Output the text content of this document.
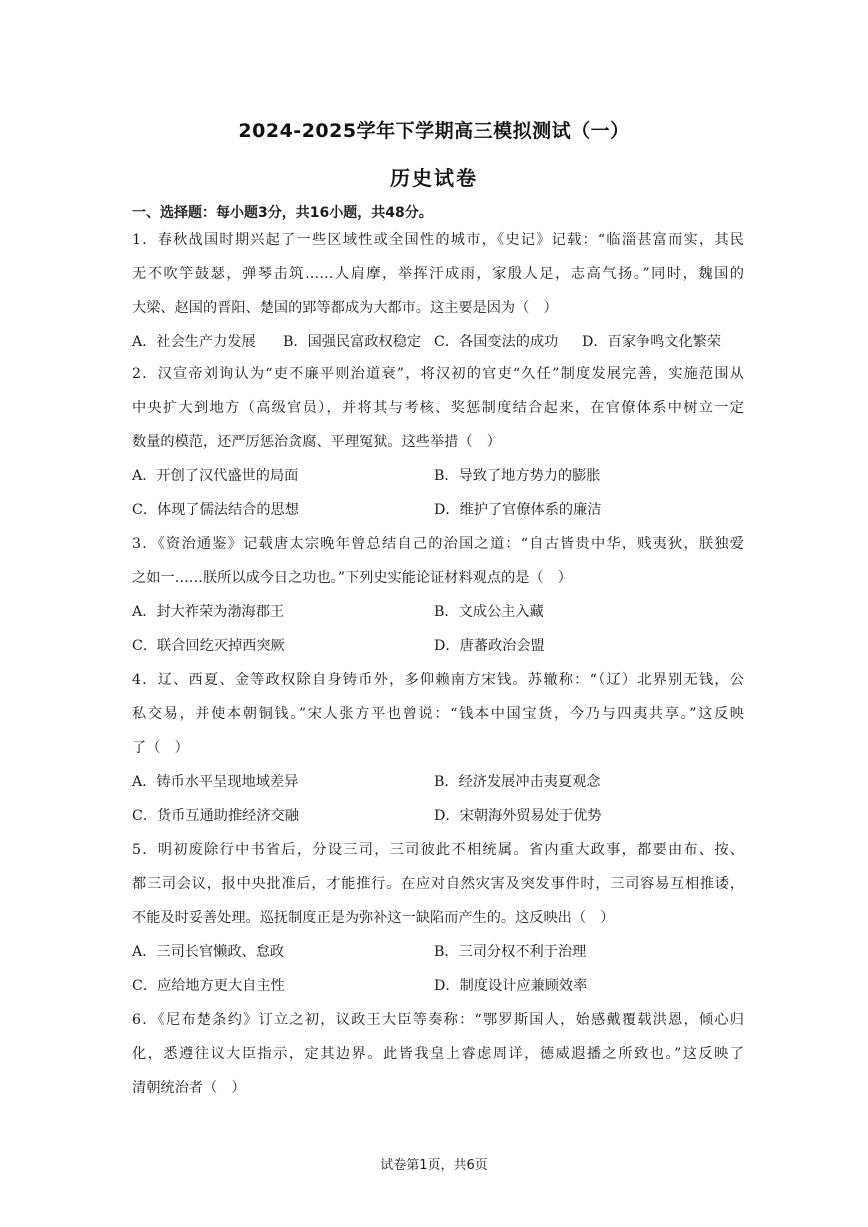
2024-2025学年下学期高三模拟测试（一）
历史试卷
一、选择题：每小题3分，共16小题，共48分。
1．春秋战国时期兴起了一些区域性或全国性的城市，《史记》记载：“临淄甚富而实，其民
无不吹竽鼓瑟，弹琴击筑……人肩摩，举挥汗成雨，家殷人足，志高气扬。”同时，魏国的
大梁、赵国的晋阳、楚国的郢等都成为大都市。这主要是因为（　）
A．社会生产力发展 B．国强民富政权稳定 C．各国变法的成功 D．百家争鸣文化繁荣
2．汉宣帝刘询认为“吏不廉平则治道衰”，将汉初的官吏“久任”制度发展完善，实施范围从
中央扩大到地方（高级官员），并将其与考核、奖惩制度结合起来，在官僚体系中树立一定
数量的模范，还严厉惩治贪腐、平理冤狱。这些举措（　）
A．开创了汉代盛世的局面	B．导致了地方势力的膨胀
C．体现了儒法结合的思想	D．维护了官僚体系的廉洁
3．《资治通鉴》记载唐太宗晚年曾总结自己的治国之道：“自古皆贵中华，贱夷狄，朕独爱
之如一……朕所以成今日之功也。”下列史实能论证材料观点的是（　）
A．封大祚荣为渤海郡王	B．文成公主入藏
C．联合回纥灭掉西突厥	D．唐蕃政治会盟
4．辽、西夏、金等政权除自身铸币外，多仰赖南方宋钱。苏辙称：“（辽）北界别无钱，公
私交易，并使本朝铜钱。”宋人张方平也曾说：“钱本中国宝货，今乃与四夷共享。”这反映
了（　）
A．铸币水平呈现地域差异	B．经济发展冲击夷夏观念
C．货币互通助推经济交融	D．宋朝海外贸易处于优势
5．明初废除行中书省后，分设三司，三司彼此不相统属。省内重大政事，都要由布、按、
都三司会议，报中央批准后，才能推行。在应对自然灾害及突发事件时，三司容易互相推诿，
不能及时妥善处理。巡抚制度正是为弥补这一缺陷而产生的。这反映出（　）
A．三司长官懒政、怠政	B．三司分权不利于治理
C．应给地方更大自主性	D．制度设计应兼顾效率
6．《尼布楚条约》订立之初，议政王大臣等奏称：“鄂罗斯国人，始感戴覆载洪恩，倾心归
化，悉遵往议大臣指示，定其边界。此皆我皇上睿虑周详，德威遐播之所致也。”这反映了
清朝统治者（　）
试卷第1页，共6页
